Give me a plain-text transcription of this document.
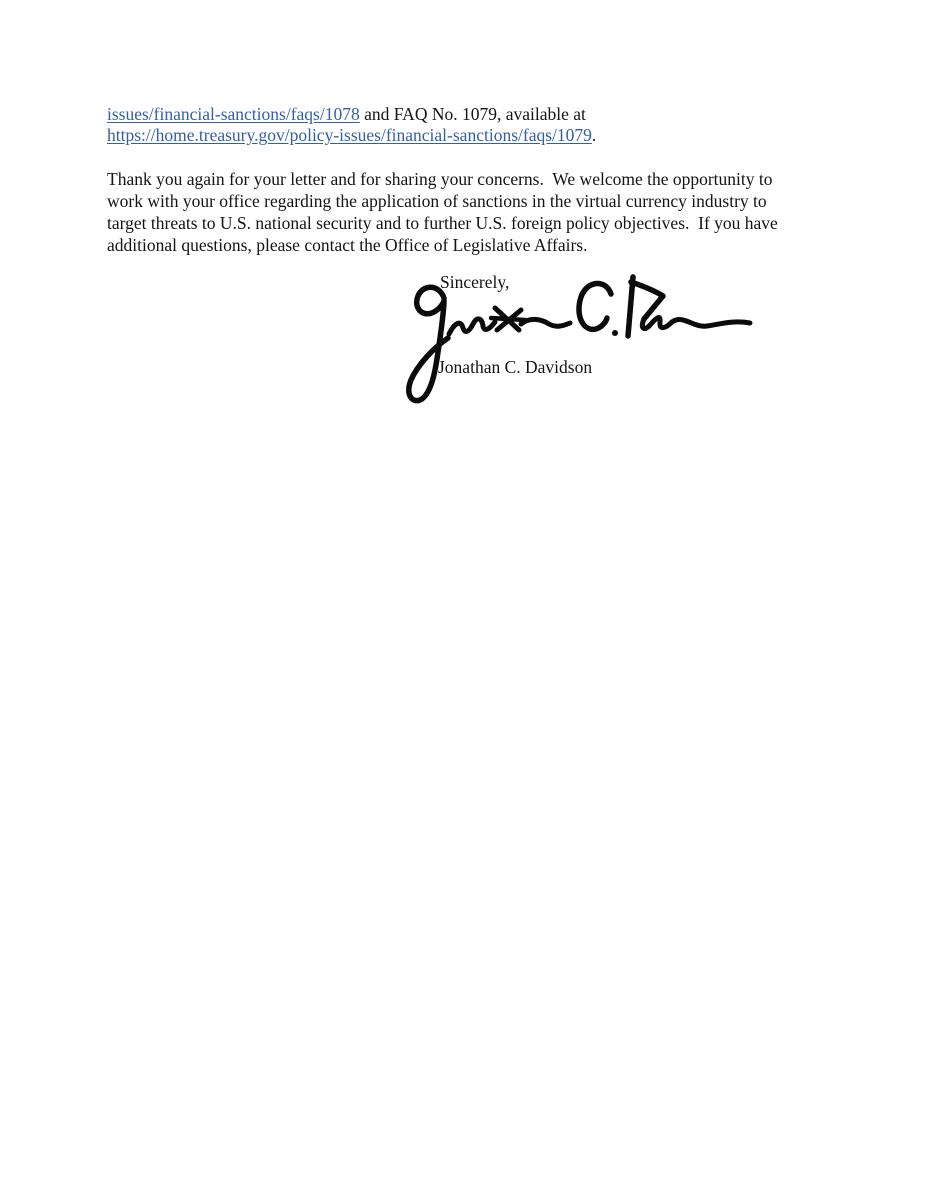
issues/financial-sanctions/faqs/1078 and FAQ No. 1079, available at
https://home.treasury.gov/policy-issues/financial-sanctions/faqs/1079.
Thank you again for your letter and for sharing your concerns.  We welcome the opportunity to
work with your office regarding the application of sanctions in the virtual currency industry to
target threats to U.S. national security and to further U.S. foreign policy objectives.  If you have
additional questions, please contact the Office of Legislative Affairs.
Sincerely,
Jonathan C. Davidson
